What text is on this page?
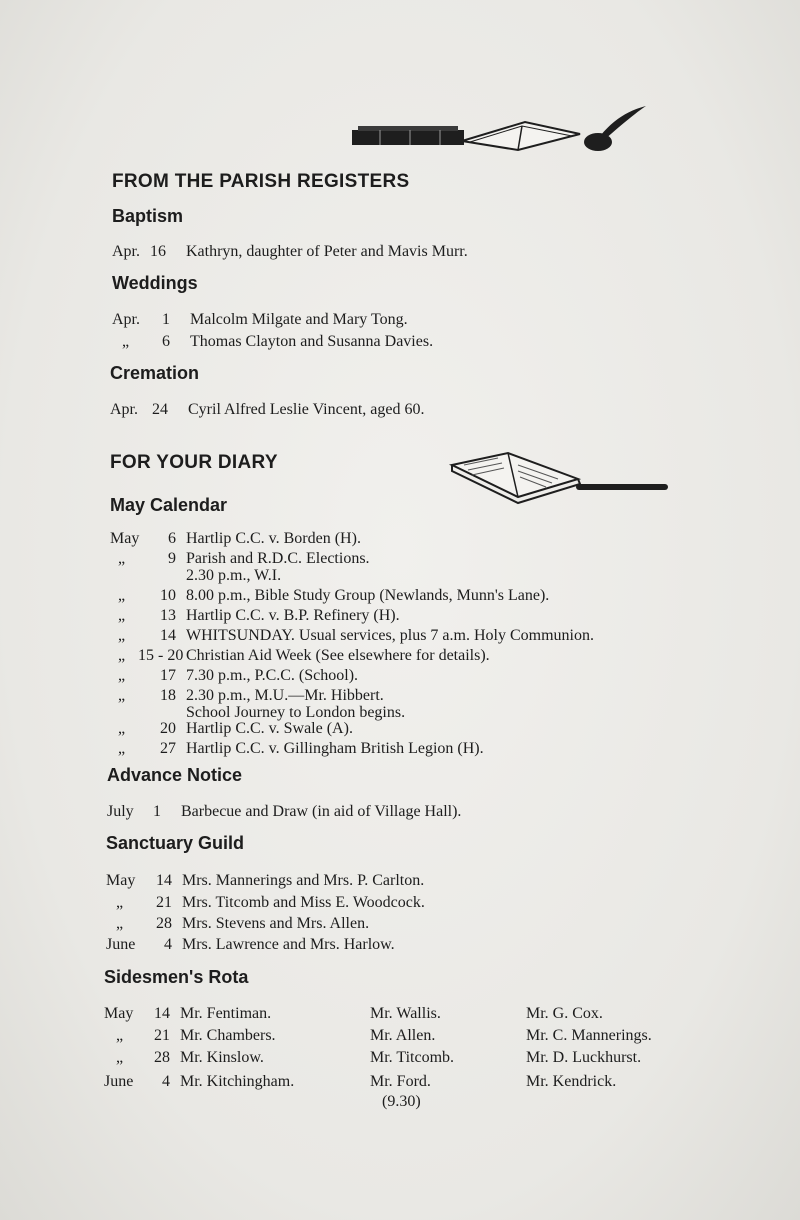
FROM THE PARISH REGISTERS
Baptism
Apr. 16 Kathryn, daughter of Peter and Mavis Murr.
Weddings
Apr. 1 Malcolm Milgate and Mary Tong.
„ 6 Thomas Clayton and Susanna Davies.
Cremation
Apr. 24 Cyril Alfred Leslie Vincent, aged 60.
FOR YOUR DIARY
May Calendar
May 6 Hartlip C.C. v. Borden (H).
„	9 Parish and R.D.C. Elections.
2.30 p.m., W.I.
„ 10 8.00 p.m., Bible Study Group (Newlands, Munn's Lane).
„ 13 Hartlip C.C. v. B.P. Refinery (H).
„ 14 WHITSUNDAY. Usual services, plus 7 a.m. Holy Communion.
„ 15 - 20 Christian Aid Week (See elsewhere for details).
„ 17 7.30 p.m., P.C.C. (School).
„ 18 2.30 p.m., M.U.—Mr. Hibbert.
School Journey to London begins.
„ 20 Hartlip C.C. v. Swale (A).
„ 27 Hartlip C.C. v. Gillingham British Legion (H).
Advance Notice
July 1 Barbecue and Draw (in aid of Village Hall).
Sanctuary Guild
May 14 Mrs. Mannerings and Mrs. P. Carlton.
„ 21 Mrs. Titcomb and Miss E. Woodcock.
„ 28 Mrs. Stevens and Mrs. Allen.
June 4 Mrs. Lawrence and Mrs. Harlow.
Sidesmen's Rota
May 14 Mr. Fentiman.	Mr. Wallis.	Mr. G. Cox.
„ 21 Mr. Chambers.	Mr. Allen.	Mr. C. Mannerings.
„ 28 Mr. Kinslow.	Mr. Titcomb.	Mr. D. Luckhurst.
June 4 Mr. Kitchingham.	Mr. Ford.	Mr. Kendrick.
(9.30)
